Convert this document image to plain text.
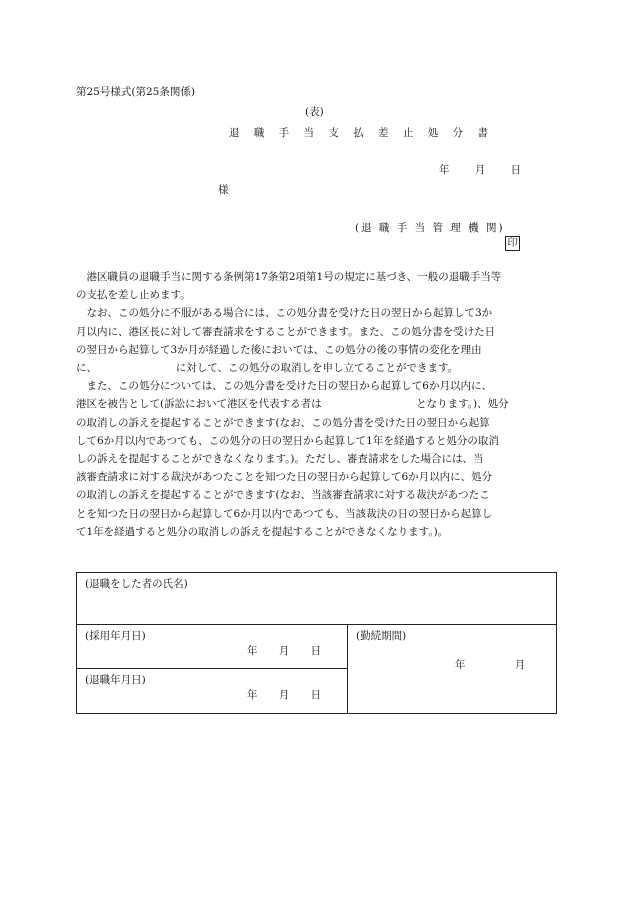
第25号様式(第25条関係)
(表)
退 職 手 当 支 払 差 止 処 分 書
年 月 日
様
(退 職 手 当 管 理 機 関)
印

港区職員の退職手当に関する条例第17条第2項第1号の規定に基づき、一般の退職手当等

の支払を差し止めます。

なお、この処分に不服がある場合には、この処分書を受けた日の翌日から起算して3か

月以内に、港区長に対して審査請求をすることができます。また、この処分書を受けた日

の翌日から起算して3か月が経過した後においては、この処分の後の事情の変化を理由

に、　　　　　　　　に対して、この処分の取消しを申し立てることができます。

また、この処分については、この処分書を受けた日の翌日から起算して6か月以内に、

港区を被告として(訴訟において港区を代表する者は　　　　　　　　　となります。)、処分

の取消しの訴えを提起することができます(なお、この処分書を受けた日の翌日から起算

して6か月以内であつても、この処分の日の翌日から起算して1年を経過すると処分の取消

しの訴えを提起することができなくなります。)。ただし、審査請求をした場合には、当

該審査請求に対する裁決があつたことを知つた日の翌日から起算して6か月以内に、処分

の取消しの訴えを提起することができます(なお、当該審査請求に対する裁決があつたこ

とを知つた日の翌日から起算して6か月以内であつても、当該裁決の日の翌日から起算し

て1年を経過すると処分の取消しの訴えを提起することができなくなります。)。

(退職をした者の氏名)
(採用年月日)
年 月 日
(退職年月日)
年 月 日
(勤続期間)
年 月
